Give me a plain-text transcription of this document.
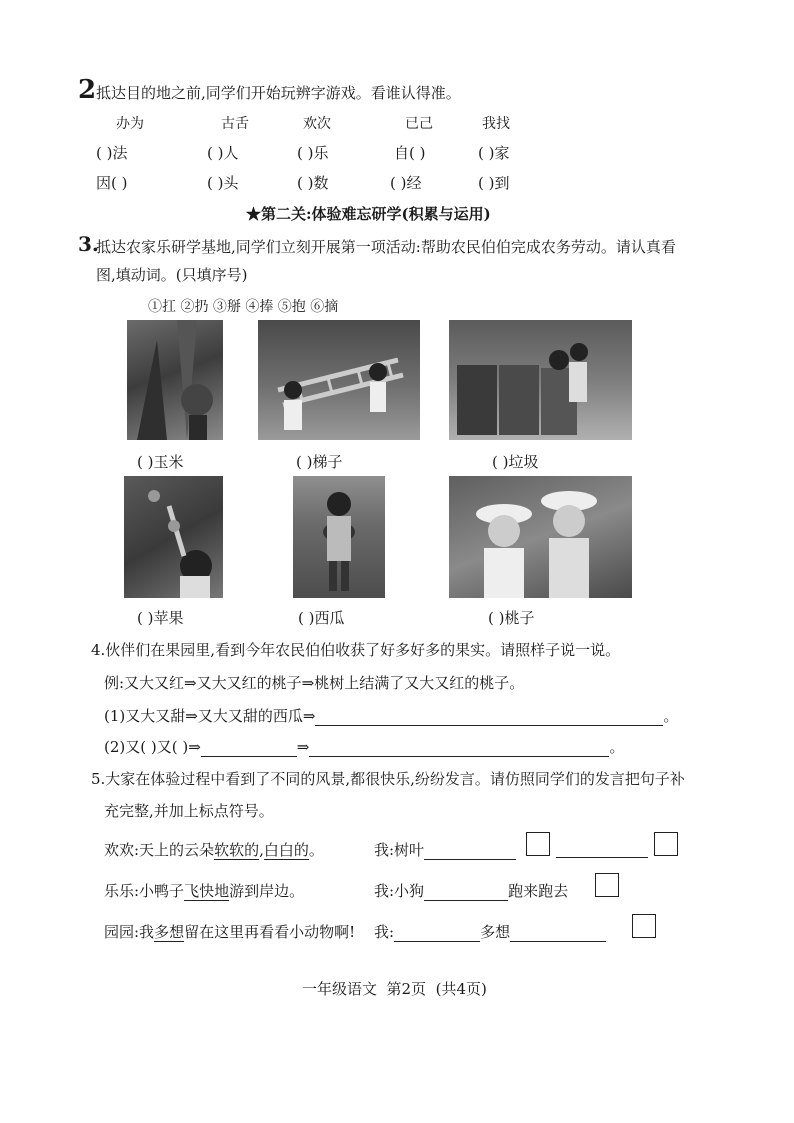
2 抵达目的地之前,同学们开始玩辨字游戏。看谁认得准。
办为	古舌	欢次	已己	我找
( )法	( )人	( )乐	自( )	( )家
因( )	( )头	( )数	( )经	( )到
★第二关:体验难忘研学(积累与运用)
3.
抵达农家乐研学基地,同学们立刻开展第一项活动:帮助农民伯伯完成农务劳动。请认真看
图,填动词。(只填序号)
①扛 ②扔 ③掰 ④捧 ⑤抱 ⑥摘
( )玉米	( )梯子	( )垃圾
( )苹果	( )西瓜	( )桃子
4.伙伴们在果园里,看到今年农民伯伯收获了好多好多的果实。请照样子说一说。
例:又大又红⇒又大又红的桃子⇒桃树上结满了又大又红的桃子。
(1)又大又甜⇒又大又甜的西瓜⇒	。
(2)又( )又( )⇒	⇒	。
5.大家在体验过程中看到了不同的风景,都很快乐,纷纷发言。请仿照同学们的发言把句子补
充完整,并加上标点符号。
欢欢:天上的云朵软软的,白白的。	我:树叶
乐乐:小鸭子飞快地游到岸边。	我:小狗	跑来跑去
园园:我多想留在这里再看看小动物啊! 我:	多想
一年级语文  第2页  (共4页)
